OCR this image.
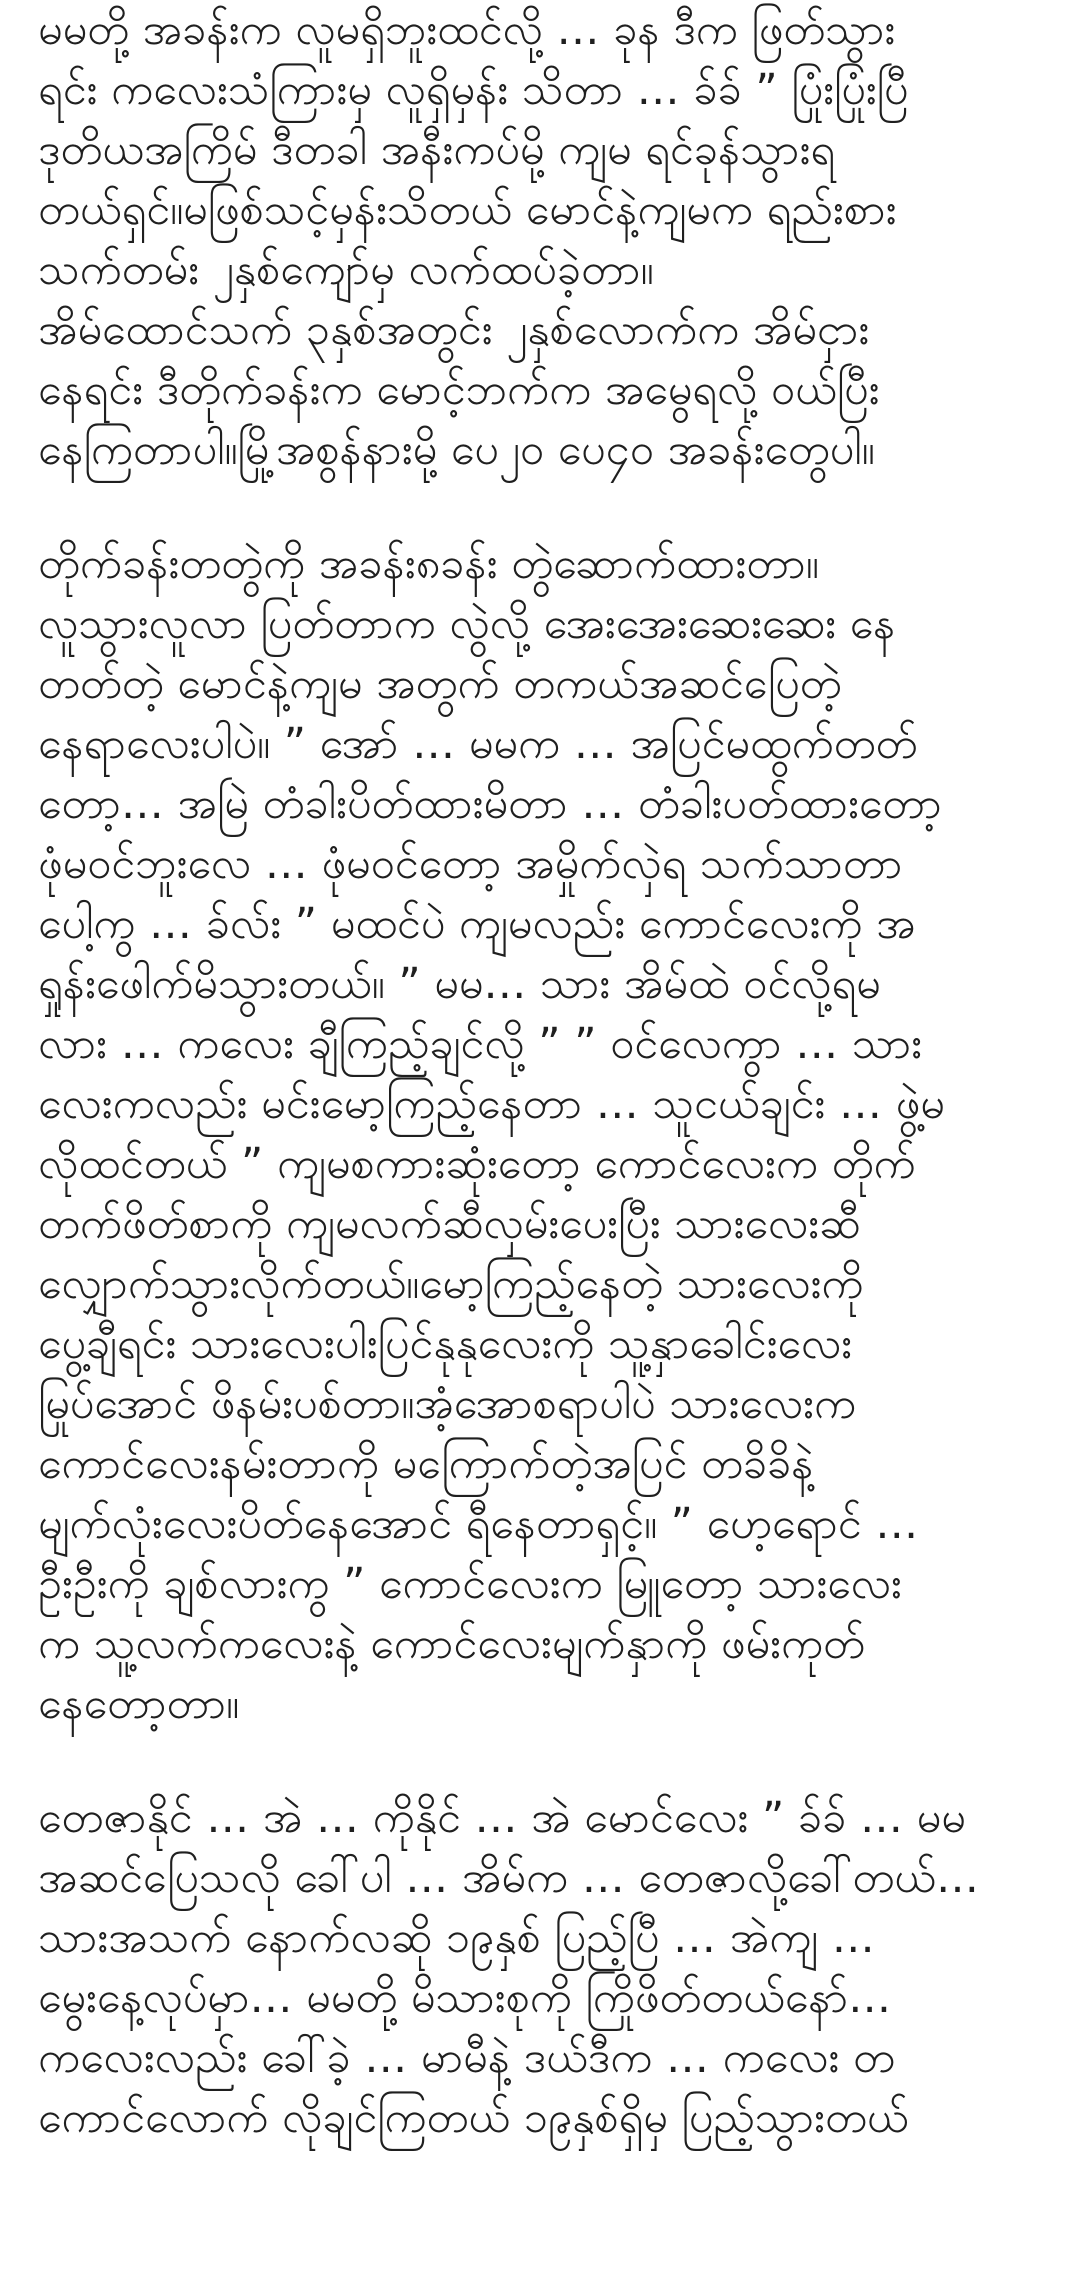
မမတို့ အခန်းက လူမရှိဘူးထင်လို့ … ခုန ဒီက ဖြတ်သွား
ရင်း ကလေးသံကြားမှ လူရှိမှန်း သိတာ … ခ်ခ် ” ပြုံးပြုံးပြီ
ဒုတိယအကြိမ် ဒီတခါ အနီးကပ်မို့ ကျမ ရင်ခုန်သွားရ
တယ်ရှင်။မဖြစ်သင့်မှန်းသိတယ် မောင်နဲ့ကျမက ရည်းစား
သက်တမ်း ၂နှစ်ကျော်မှ လက်ထပ်ခဲ့တာ။
အိမ်ထောင်သက် ၃နှစ်အတွင်း ၂နှစ်လောက်က အိမ်ငှား
နေရင်း ဒီတိုက်ခန်းက မောင့်ဘက်က အမွေရလို့ ဝယ်ပြီး
နေကြတာပါ။မြို့အစွန်နားမို့ ပေ၂၀ ပေ၄၀ အခန်းတွေပါ။
တိုက်ခန်းတတွဲကို အခန်း၈ခန်း တွဲဆောက်ထားတာ။
လူသွားလူလာ ပြတ်တာက လွဲလို့ အေးအေးဆေးဆေး နေ
တတ်တဲ့ မောင်နဲ့ကျမ အတွက် တကယ်အဆင်ပြေတဲ့
နေရာလေးပါပဲ။ ” အော် … မမက … အပြင်မထွက်တတ်
တော့… အမြဲ တံခါးပိတ်ထားမိတာ … တံခါးပတ်ထားတော့
ဖုံမဝင်ဘူးလေ … ဖုံမဝင်တော့ အမှိုက်လှဲရ သက်သာတာ
ပေါ့ကွ … ခ်လ်း ” မထင်ပဲ ကျမလည်း ကောင်လေးကို အ
ရှုန်းဖေါက်မိသွားတယ်။ ” မမ… သား အိမ်ထဲ ဝင်လို့ရမ
လား … ကလေး ချီကြည့်ချင်လို့ ” ” ဝင်လေကွာ … သား
လေးကလည်း မင်းမော့ကြည့်နေတာ … သူငယ်ချင်း … ဖွဲ့မ
လိုထင်တယ် ” ကျမစကားဆုံးတော့ ကောင်လေးက တိုက်
တက်ဖိတ်စာကို ကျမလက်ဆီလှမ်းပေးပြီး သားလေးဆီ
လျှောက်သွားလိုက်တယ်။မော့ကြည့်နေတဲ့ သားလေးကို
ပွေ့ချီရင်း သားလေးပါးပြင်နုနုလေးကို သူ့နှာခေါင်းလေး
မြုပ်အောင် ဖိနမ်းပစ်တာ။အံ့အောစရာပါပဲ သားလေးက
ကောင်လေးနမ်းတာကို မကြောက်တဲ့အပြင် တခိခိနဲ့
မျက်လုံးလေးပိတ်နေအောင် ရီနေတာရှင့်။ ” ဟေ့ရောင် …
ဦးဦးကို ချစ်လားကွ ” ကောင်လေးက မြူတော့ သားလေး
က သူ့လက်ကလေးနဲ့ ကောင်လေးမျက်နှာကို ဖမ်းကုတ်
နေတော့တာ။
တေဇာနိုင် … အဲ … ကိုနိုင် … အဲ မောင်လေး ” ခ်ခ် … မမ
အဆင်ပြေသလို ခေါ်ပါ … အိမ်က … တေဇာလို့ခေါ်တယ်…
သားအသက် နောက်လဆို ၁၉နှစ် ပြည့်ပြီ … အဲကျ …
မွေးနေ့လုပ်မှာ… မမတို့ မိသားစုကို ကြိုဖိတ်တယ်နော်…
ကလေးလည်း ခေါ်ခဲ့ … မာမီနဲ့ ဒယ်ဒီက … ကလေး တ
ကောင်လောက် လိုချင်ကြတယ် ၁၉နှစ်ရှိမှ ပြည့်သွားတယ်
